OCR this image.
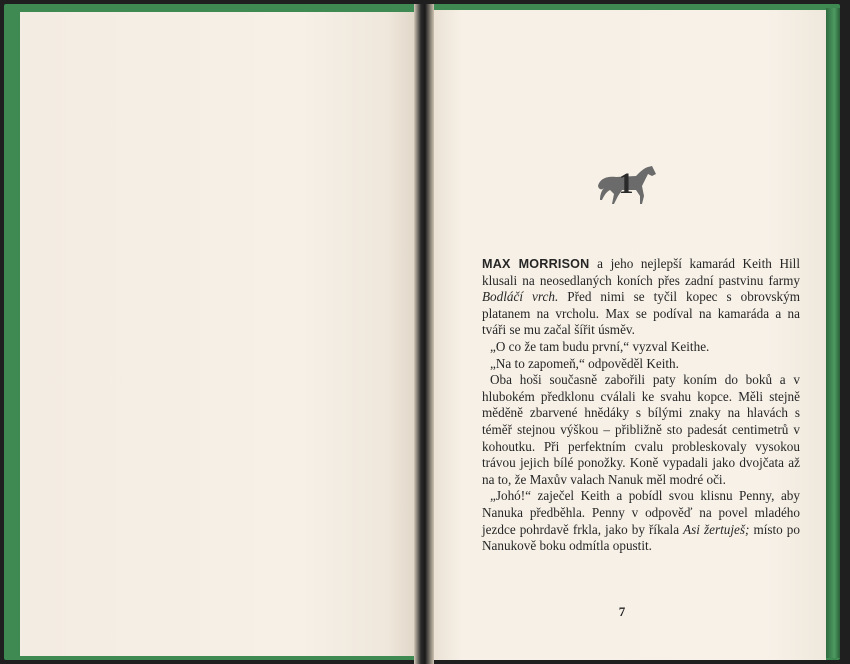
1

MAX MORRISON a jeho nejlepší kamarád Keith Hill klusali na neosedlaných koních přes zadní pastvinu farmy Bodláčí vrch. Před nimi se tyčil kopec s obrovským platanem na vrcholu. Max se podíval na kamaráda a na tváři se mu začal šířit úsměv.

„O co že tam budu první,“ vyzval Keithe.

„Na to zapomeň,“ odpověděl Keith.

Oba hoši současně zabořili paty koním do boků a v hlubokém předklonu cválali ke svahu kopce. Měli stejně měděně zbarvené hnědáky s bílými znaky na hlavách s téměř stejnou výškou – přibližně sto padesát centimetrů v kohoutku. Při perfektním cvalu probleskovaly vysokou trávou jejich bílé ponožky. Koně vypadali jako dvojčata až na to, že Maxův valach Nanuk měl modré oči.

„Johó!“ zaječel Keith a pobídl svou klisnu Penny, aby Nanuka předběhla. Penny v odpověď na povel mladého jezdce pohrdavě frkla, jako by říkala Asi žertuješ; místo po Nanukově boku odmítla opustit.

7
